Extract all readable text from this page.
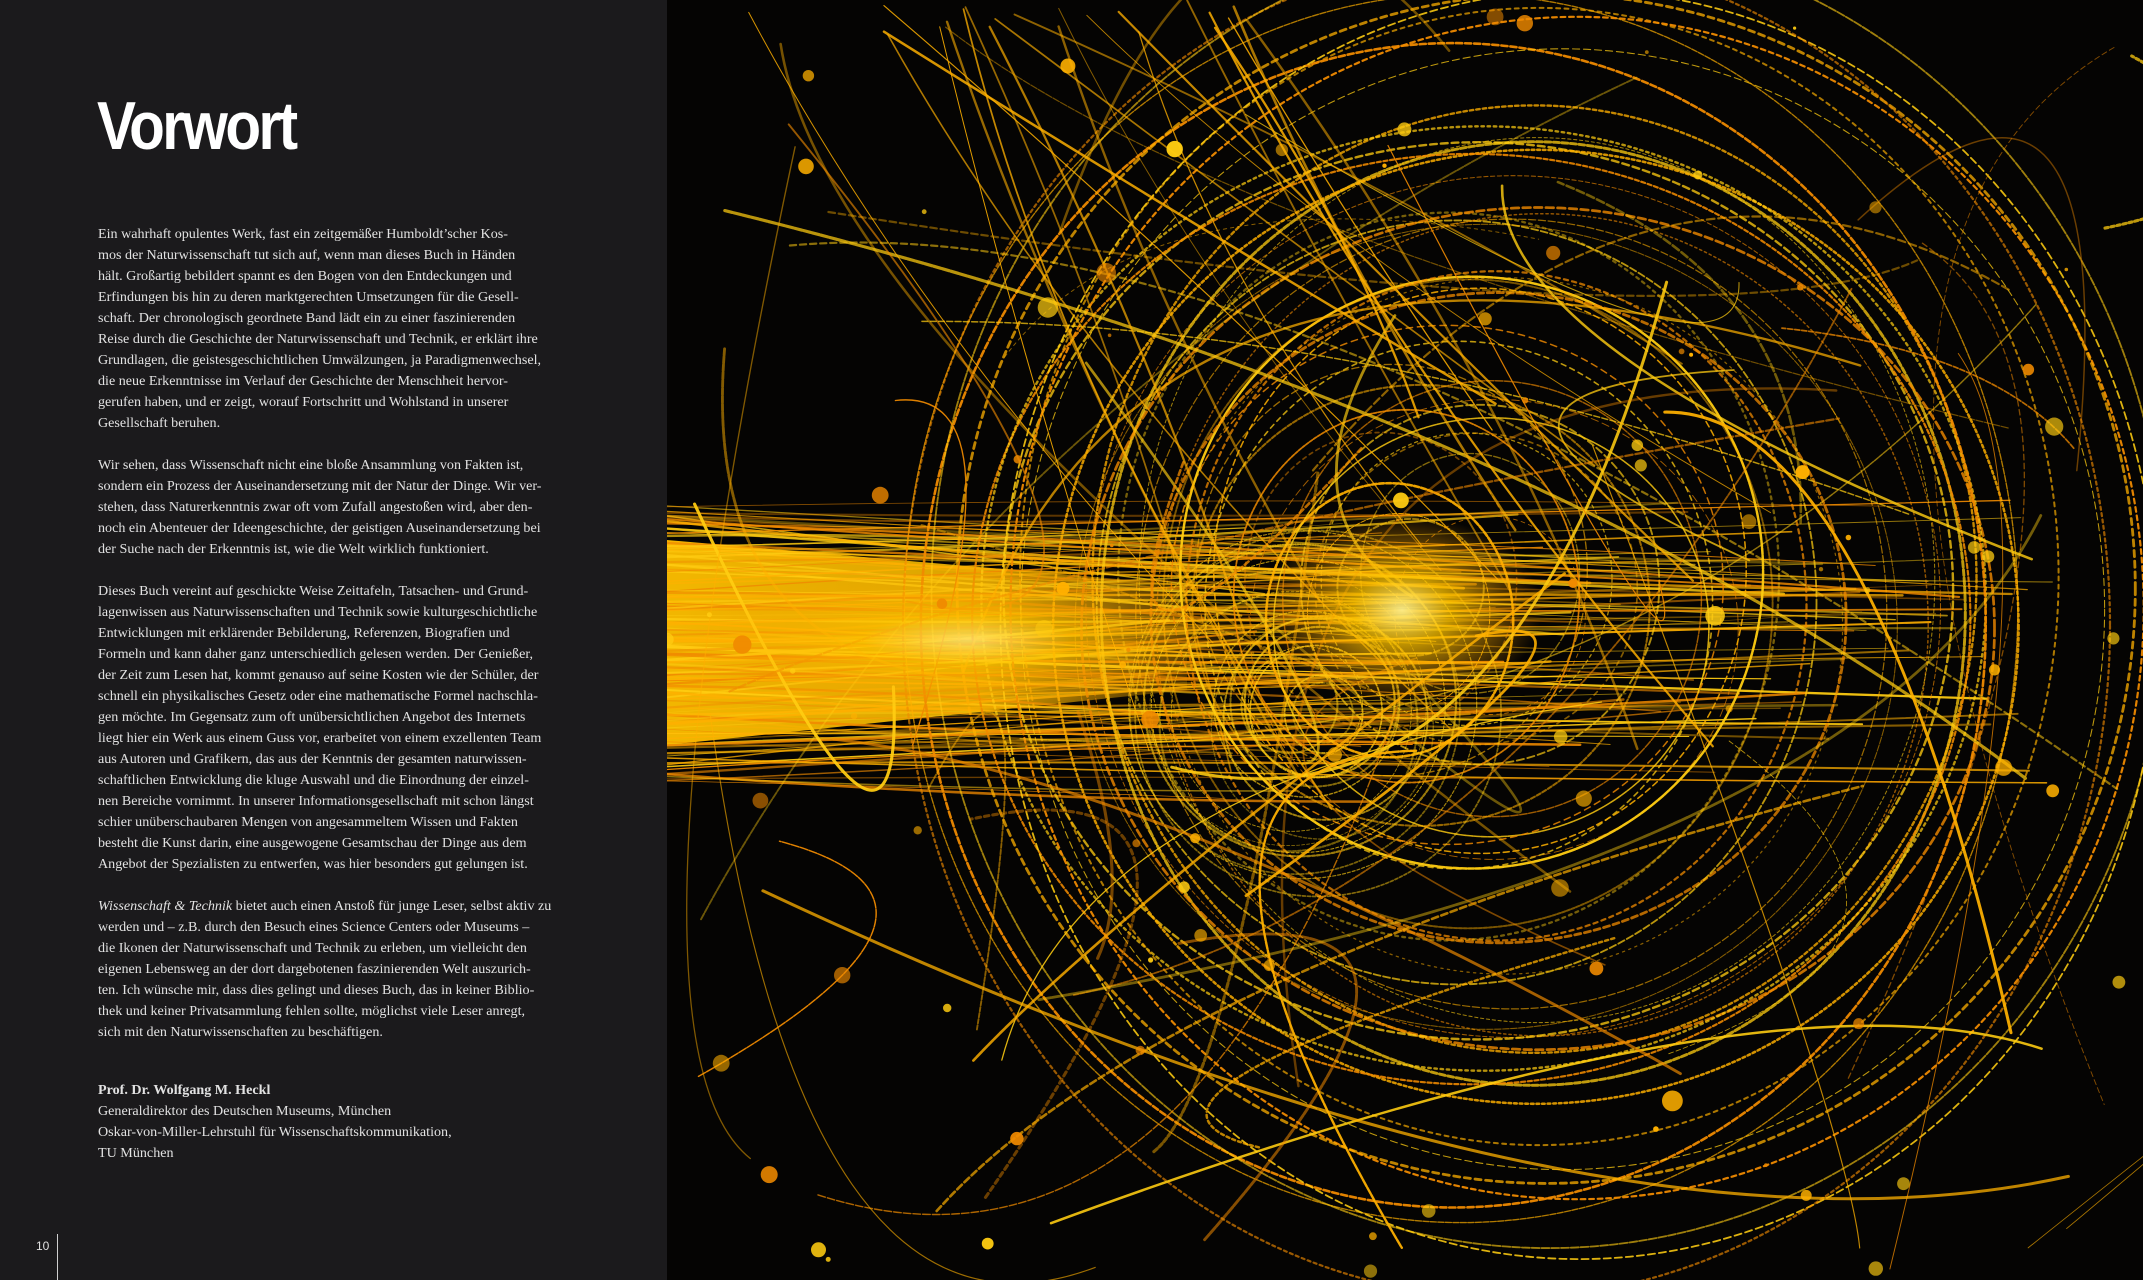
Vorwort

Ein wahrhaft opulentes Werk, fast ein zeitgemäßer Humboldt’scher Kos-
mos der Naturwissenschaft tut sich auf, wenn man dieses Buch in Händen
hält. Großartig bebildert spannt es den Bogen von den Entdeckungen und
Erfindungen bis hin zu deren marktgerechten Umsetzungen für die Gesell-
schaft. Der chronologisch geordnete Band lädt ein zu einer faszinierenden
Reise durch die Geschichte der Naturwissenschaft und Technik, er erklärt ihre
Grundlagen, die geistesgeschichtlichen Umwälzungen, ja Paradigmenwechsel,
die neue Erkenntnisse im Verlauf der Geschichte der Menschheit hervor-
gerufen haben, und er zeigt, worauf Fortschritt und Wohlstand in unserer
Gesellschaft beruhen.

Wir sehen, dass Wissenschaft nicht eine bloße Ansammlung von Fakten ist,
sondern ein Prozess der Auseinandersetzung mit der Natur der Dinge. Wir ver-
stehen, dass Naturerkenntnis zwar oft vom Zufall angestoßen wird, aber den-
noch ein Abenteuer der Ideengeschichte, der geistigen Auseinandersetzung bei
der Suche nach der Erkenntnis ist, wie die Welt wirklich funktioniert.

Dieses Buch vereint auf geschickte Weise Zeittafeln, Tatsachen- und Grund-
lagenwissen aus Naturwissenschaften und Technik sowie kulturgeschichtliche
Entwicklungen mit erklärender Bebilderung, Referenzen, Biografien und
Formeln und kann daher ganz unterschiedlich gelesen werden. Der Genießer,
der Zeit zum Lesen hat, kommt genauso auf seine Kosten wie der Schüler, der
schnell ein physikalisches Gesetz oder eine mathematische Formel nachschla-
gen möchte. Im Gegensatz zum oft unübersichtlichen Angebot des Internets
liegt hier ein Werk aus einem Guss vor, erarbeitet von einem exzellenten Team
aus Autoren und Grafikern, das aus der Kenntnis der gesamten naturwissen-
schaftlichen Entwicklung die kluge Auswahl und die Einordnung der einzel-
nen Bereiche vornimmt. In unserer Informationsgesellschaft mit schon längst
schier unüberschaubaren Mengen von angesammeltem Wissen und Fakten
besteht die Kunst darin, eine ausgewogene Gesamtschau der Dinge aus dem
Angebot der Spezialisten zu entwerfen, was hier besonders gut gelungen ist.

Wissenschaft & Technik bietet auch einen Anstoß für junge Leser, selbst aktiv zu
werden und – z.B. durch den Besuch eines Science Centers oder Museums –
die Ikonen der Naturwissenschaft und Technik zu erleben, um vielleicht den
eigenen Lebensweg an der dort dargebotenen faszinierenden Welt auszurich-
ten. Ich wünsche mir, dass dies gelingt und dieses Buch, das in keiner Biblio-
thek und keiner Privatsammlung fehlen sollte, möglichst viele Leser anregt,
sich mit den Naturwissenschaften zu beschäftigen.

Prof. Dr. Wolfgang M. Heckl
Generaldirektor des Deutschen Museums, München
Oskar-von-Miller-Lehrstuhl für Wissenschaftskommunikation,
TU München
10
